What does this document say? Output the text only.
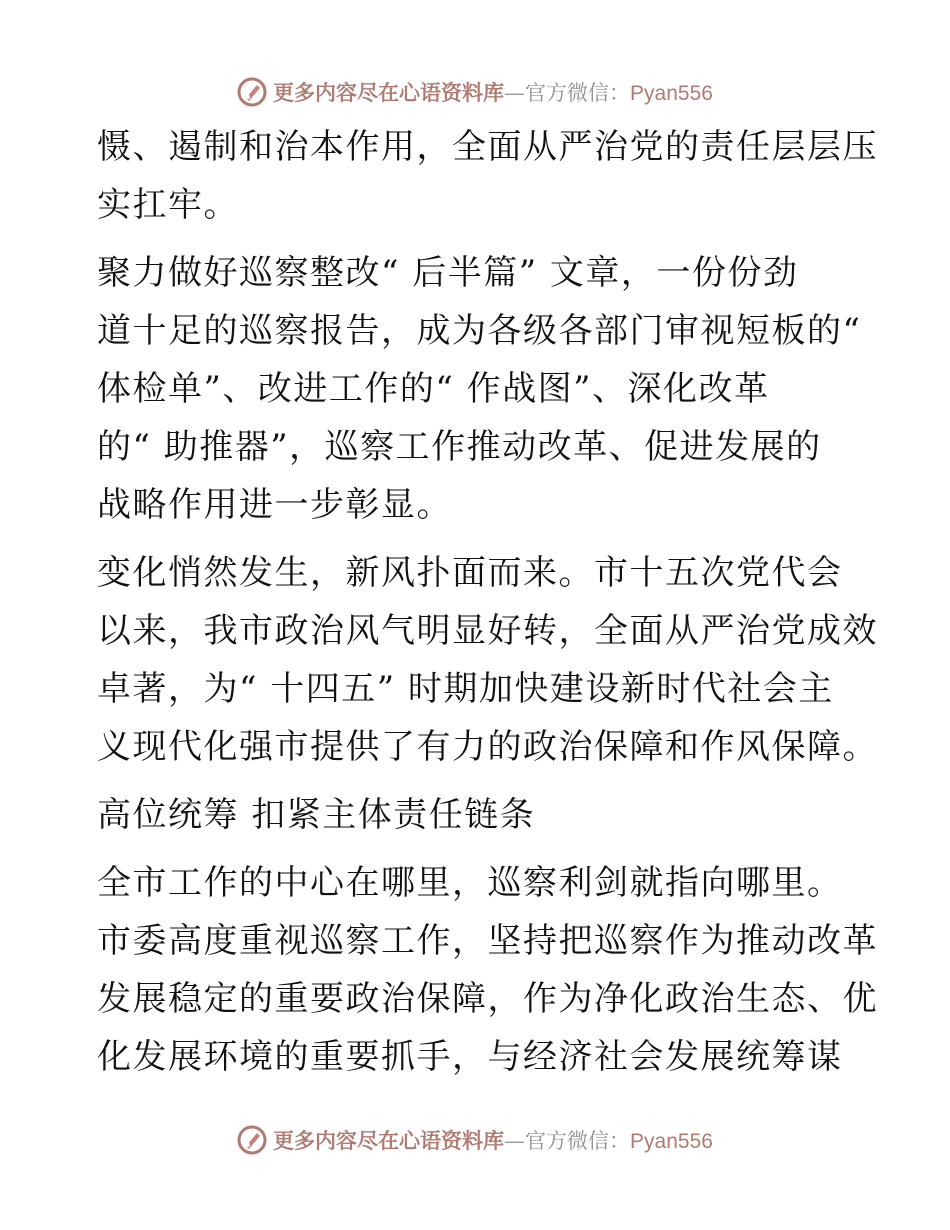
更多内容尽在心语资料库—官方微信：Pyan556

慑、遏制和治本作用，全面从严治党的责任层层压
实扛牢。

聚力做好巡察整改“ 后半篇” 文章，一份份劲
道十足的巡察报告，成为各级各部门审视短板的“
体检单”、改进工作的“ 作战图”、深化改革
的“ 助推器”，巡察工作推动改革、促进发展的
战略作用进一步彰显。

变化悄然发生，新风扑面而来。市十五次党代会
以来，我市政治风气明显好转，全面从严治党成效
卓著，为“ 十四五” 时期加快建设新时代社会主
义现代化强市提供了有力的政治保障和作风保障。

高位统筹 扣紧主体责任链条

全市工作的中心在哪里，巡察利剑就指向哪里。
市委高度重视巡察工作，坚持把巡察作为推动改革
发展稳定的重要政治保障，作为净化政治生态、优
化发展环境的重要抓手，与经济社会发展统筹谋

更多内容尽在心语资料库—官方微信：Pyan556
